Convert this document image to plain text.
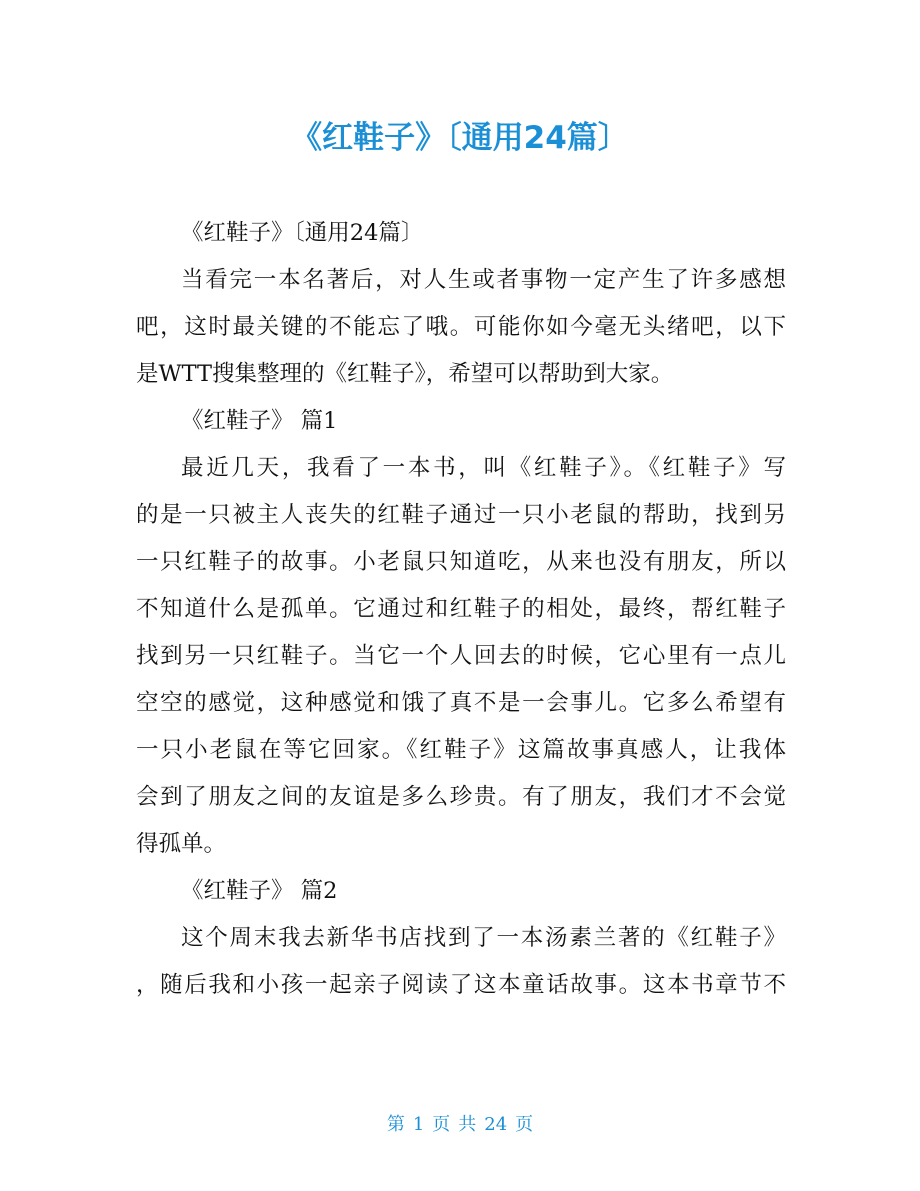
《红鞋子》〔通用24篇〕
《红鞋子》〔通用24篇〕
当看完一本名著后，对人生或者事物一定产生了许多感想
吧，这时最关键的不能忘了哦。可能你如今毫无头绪吧，以下
是WTT搜集整理的《红鞋子》，希望可以帮助到大家。
《红鞋子》 篇1
最近几天，我看了一本书，叫《红鞋子》。《红鞋子》写
的是一只被主人丧失的红鞋子通过一只小老鼠的帮助，找到另
一只红鞋子的故事。小老鼠只知道吃，从来也没有朋友，所以
不知道什么是孤单。它通过和红鞋子的相处，最终，帮红鞋子
找到另一只红鞋子。当它一个人回去的时候，它心里有一点儿
空空的感觉，这种感觉和饿了真不是一会事儿。它多么希望有
一只小老鼠在等它回家。《红鞋子》这篇故事真感人，让我体
会到了朋友之间的友谊是多么珍贵。有了朋友，我们才不会觉
得孤单。
《红鞋子》 篇2
这个周末我去新华书店找到了一本汤素兰著的《红鞋子》
，随后我和小孩一起亲子阅读了这本童话故事。这本书章节不
第 1 页 共 24 页
